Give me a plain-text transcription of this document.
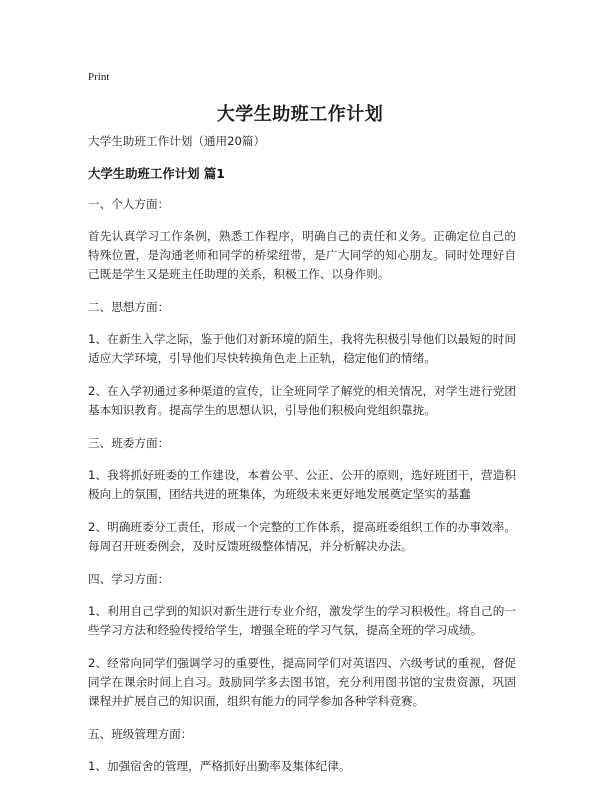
Print
大学生助班工作计划

大学生助班工作计划（通用20篇）

大学生助班工作计划 篇1

一、个人方面：

首先认真学习工作条例，熟悉工作程序，明确自己的责任和义务。正确定位自己的特殊位置，是沟通老师和同学的桥梁纽带，是广大同学的知心朋友。同时处理好自己既是学生又是班主任助理的关系，积极工作、以身作则。

二、思想方面：

1、在新生入学之际，鉴于他们对新环境的陌生，我将先积极引导他们以最短的时间适应大学环境，引导他们尽快转换角色走上正轨，稳定他们的情绪。

2、在入学初通过多种渠道的宣传，让全班同学了解党的相关情况，对学生进行党团基本知识教育。提高学生的思想认识，引导他们积极向党组织靠拢。

三、班委方面：

1、我将抓好班委的工作建设，本着公平、公正、公开的原则，选好班团干，营造积极向上的氛围，团结共进的班集体，为班级未来更好地发展奠定坚实的基蠢

2、明确班委分工责任，形成一个完整的工作体系，提高班委组织工作的办事效率。每周召开班委例会，及时反馈班级整体情况，并分析解决办法。

四、学习方面：

1、利用自己学到的知识对新生进行专业介绍，激发学生的学习积极性。将自己的一些学习方法和经验传授给学生，增强全班的学习气氛，提高全班的学习成绩。

2、经常向同学们强调学习的重要性，提高同学们对英语四、六级考试的重视，督促同学在课余时间上自习。鼓励同学多去图书馆，充分利用图书馆的宝贵资源，巩固课程并扩展自己的知识面，组织有能力的同学参加各种学科竞赛。

五、班级管理方面：

1、加强宿舍的管理，严格抓好出勤率及集体纪律。
